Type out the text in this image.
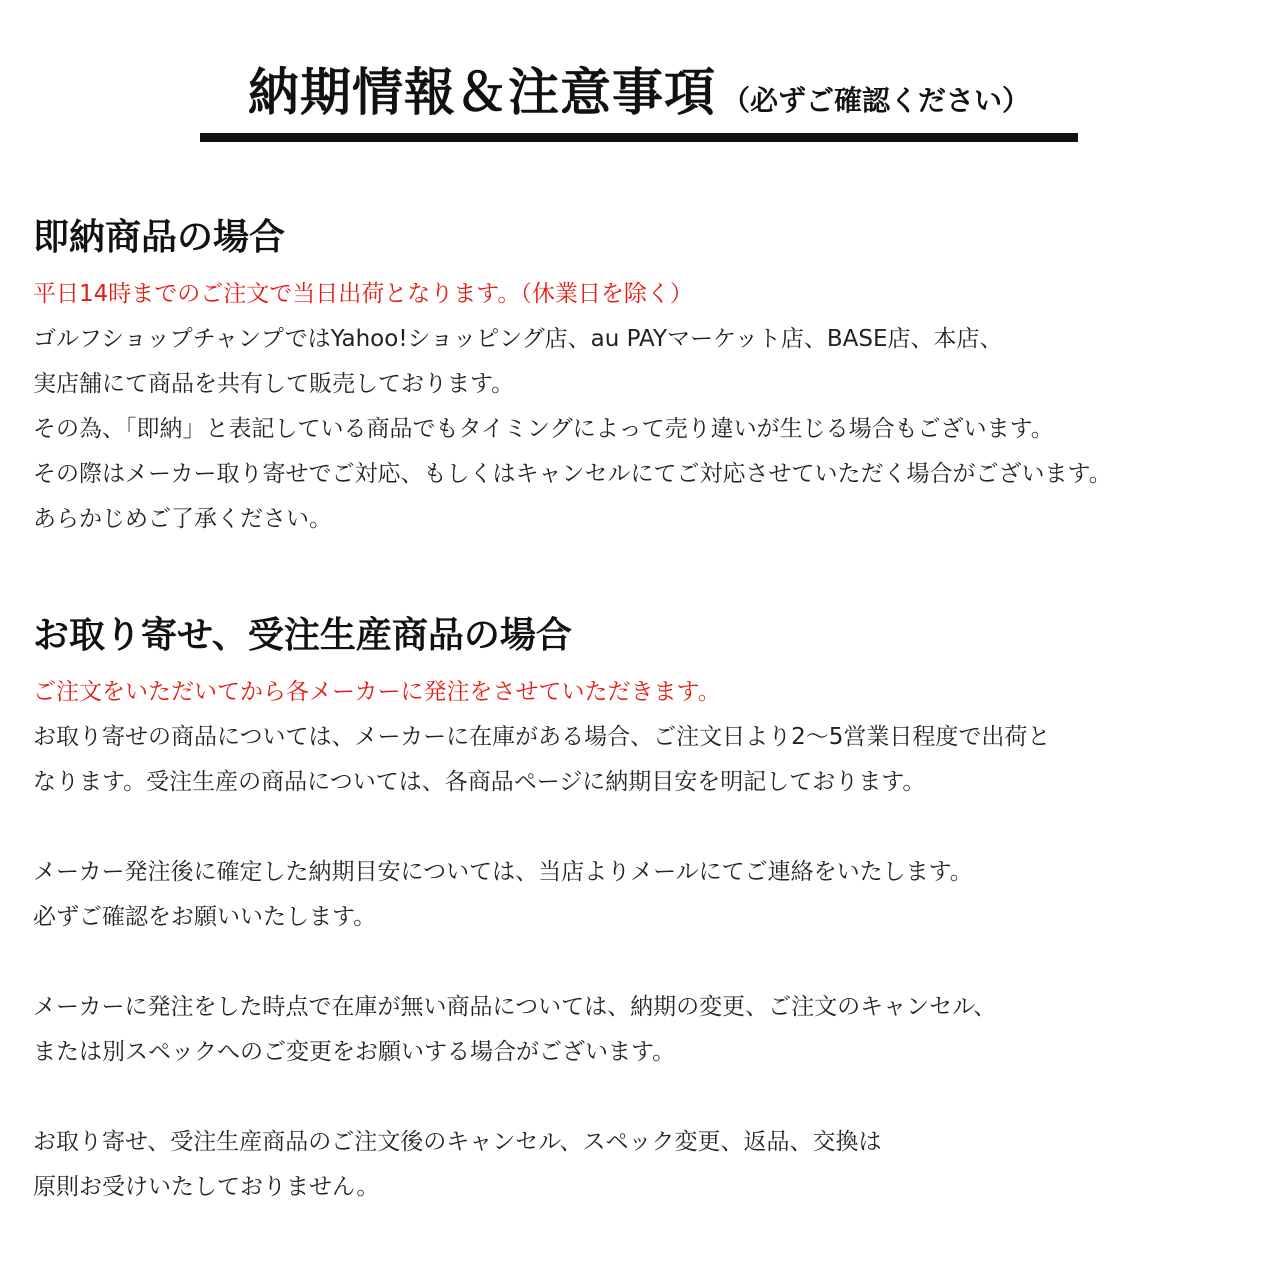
納期情報＆注意事項 （必ずご確認ください）
即納商品の場合

平日14時までのご注文で当日出荷となります。（休業日を除く）

ゴルフショップチャンプではYahoo!ショッピング店、au PAYマーケット店、BASE店、本店、

実店舗にて商品を共有して販売しております。

その為、「即納」と表記している商品でもタイミングによって売り違いが生じる場合もございます。

その際はメーカー取り寄せでご対応、もしくはキャンセルにてご対応させていただく場合がございます。

あらかじめご了承ください。

お取り寄せ、受注生産商品の場合

ご注文をいただいてから各メーカーに発注をさせていただきます。

お取り寄せの商品については、メーカーに在庫がある場合、ご注文日より2〜5営業日程度で出荷と

なります。受注生産の商品については、各商品ページに納期目安を明記しております。

メーカー発注後に確定した納期目安については、当店よりメールにてご連絡をいたします。

必ずご確認をお願いいたします。

メーカーに発注をした時点で在庫が無い商品については、納期の変更、ご注文のキャンセル、

または別スペックへのご変更をお願いする場合がございます。

お取り寄せ、受注生産商品のご注文後のキャンセル、スペック変更、返品、交換は

原則お受けいたしておりません。
